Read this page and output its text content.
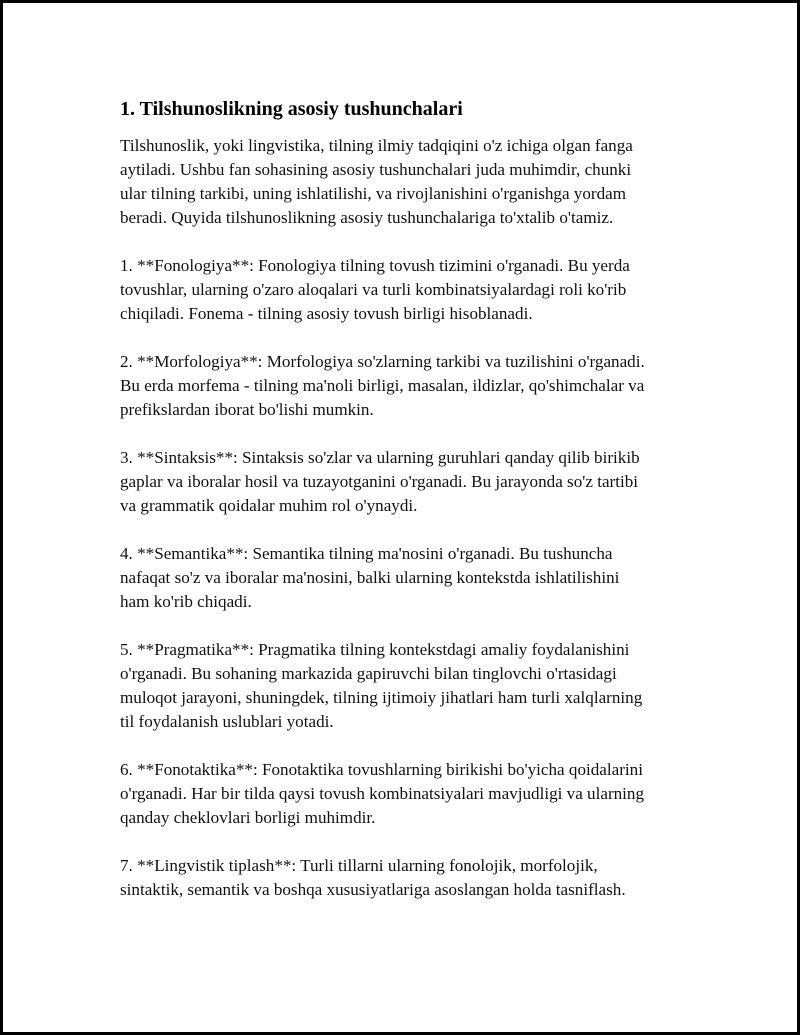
1. Tilshunoslikning asosiy tushunchalari

Tilshunoslik, yoki lingvistika, tilning ilmiy tadqiqini o'z ichiga olgan fanga
aytiladi. Ushbu fan sohasining asosiy tushunchalari juda muhimdir, chunki
ular tilning tarkibi, uning ishlatilishi, va rivojlanishini o'rganishga yordam
beradi. Quyida tilshunoslikning asosiy tushunchalariga to'xtalib o'tamiz.

1. **Fonologiya**: Fonologiya tilning tovush tizimini o'rganadi. Bu yerda
tovushlar, ularning o'zaro aloqalari va turli kombinatsiyalardagi roli ko'rib
chiqiladi. Fonema - tilning asosiy tovush birligi hisoblanadi.

2. **Morfologiya**: Morfologiya so'zlarning tarkibi va tuzilishini o'rganadi.
Bu erda morfema - tilning ma'noli birligi, masalan, ildizlar, qo'shimchalar va
prefikslardan iborat bo'lishi mumkin.

3. **Sintaksis**: Sintaksis so'zlar va ularning guruhlari qanday qilib birikib
gaplar va iboralar hosil va tuzayotganini o'rganadi. Bu jarayonda so'z tartibi
va grammatik qoidalar muhim rol o'ynaydi.

4. **Semantika**: Semantika tilning ma'nosini o'rganadi. Bu tushuncha
nafaqat so'z va iboralar ma'nosini, balki ularning kontekstda ishlatilishini
ham ko'rib chiqadi.

5. **Pragmatika**: Pragmatika tilning kontekstdagi amaliy foydalanishini
o'rganadi. Bu sohaning markazida gapiruvchi bilan tinglovchi o'rtasidagi
muloqot jarayoni, shuningdek, tilning ijtimoiy jihatlari ham turli xalqlarning
til foydalanish uslublari yotadi.

6. **Fonotaktika**: Fonotaktika tovushlarning birikishi bo'yicha qoidalarini
o'rganadi. Har bir tilda qaysi tovush kombinatsiyalari mavjudligi va ularning
qanday cheklovlari borligi muhimdir.

7. **Lingvistik tiplash**: Turli tillarni ularning fonolojik, morfolojik,
sintaktik, semantik va boshqa xususiyatlariga asoslangan holda tasniflash.
